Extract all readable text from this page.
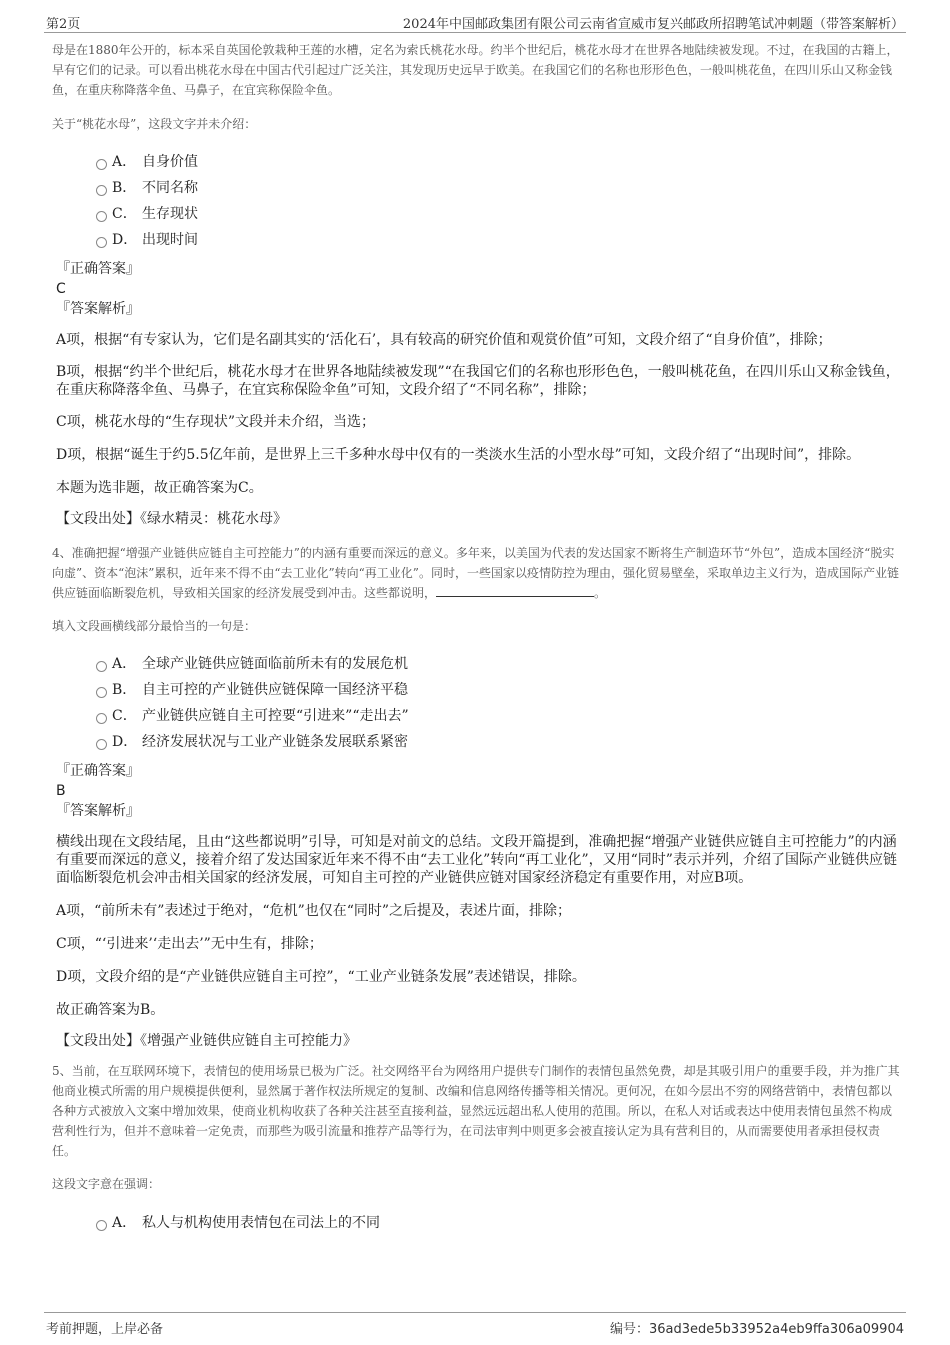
第2页	2024年中国邮政集团有限公司云南省宣威市复兴邮政所招聘笔试冲刺题（带答案解析）

母是在1880年公开的，标本采自英国伦敦栽种王莲的水槽，定名为索氏桃花水母。约半个世纪后，桃花水母才在世界各地陆续被发现。不过，在我国的古籍上，早有它们的记录。可以看出桃花水母在中国古代引起过广泛关注，其发现历史远早于欧美。在我国它们的名称也形形色色，一般叫桃花鱼，在四川乐山又称金钱鱼，在重庆称降落伞鱼、马鼻子，在宜宾称保险伞鱼。

关于“桃花水母”，这段文字并未介绍：

A． 自身价值
B． 不同名称
C． 生存现状
D． 出现时间

『正确答案』

C

『答案解析』

A项，根据“有专家认为，它们是名副其实的‘活化石’，具有较高的研究价值和观赏价值”可知，文段介绍了“自身价值”，排除；

B项，根据“约半个世纪后，桃花水母才在世界各地陆续被发现”“在我国它们的名称也形形色色，一般叫桃花鱼，在四川乐山又称金钱鱼，在重庆称降落伞鱼、马鼻子，在宜宾称保险伞鱼”可知，文段介绍了“不同名称”，排除；

C项，桃花水母的“生存现状”文段并未介绍，当选；

D项，根据“诞生于约5.5亿年前，是世界上三千多种水母中仅有的一类淡水生活的小型水母”可知，文段介绍了“出现时间”，排除。

本题为选非题，故正确答案为C。

【文段出处】《绿水精灵：桃花水母》

4、准确把握“增强产业链供应链自主可控能力”的内涵有重要而深远的意义。多年来，以美国为代表的发达国家不断将生产制造环节“外包”，造成本国经济“脱实向虚”、资本“泡沫”累积，近年来不得不由“去工业化”转向“再工业化”。同时，一些国家以疫情防控为理由，强化贸易壁垒，采取单边主义行为，造成国际产业链供应链面临断裂危机，导致相关国家的经济发展受到冲击。这些都说明，	。

填入文段画横线部分最恰当的一句是：

A． 全球产业链供应链面临前所未有的发展危机
B． 自主可控的产业链供应链保障一国经济平稳
C． 产业链供应链自主可控要“引进来”“走出去”
D． 经济发展状况与工业产业链条发展联系紧密

『正确答案』

B

『答案解析』

横线出现在文段结尾，且由“这些都说明”引导，可知是对前文的总结。文段开篇提到，准确把握“增强产业链供应链自主可控能力”的内涵有重要而深远的意义，接着介绍了发达国家近年来不得不由“去工业化”转向“再工业化”，又用“同时”表示并列，介绍了国际产业链供应链面临断裂危机会冲击相关国家的经济发展，可知自主可控的产业链供应链对国家经济稳定有重要作用，对应B项。

A项，“前所未有”表述过于绝对，“危机”也仅在“同时”之后提及，表述片面，排除；

C项，“‘引进来’‘走出去’”无中生有，排除；

D项，文段介绍的是“产业链供应链自主可控”，“工业产业链条发展”表述错误，排除。

故正确答案为B。

【文段出处】《增强产业链供应链自主可控能力》

5、当前，在互联网环境下，表情包的使用场景已极为广泛。社交网络平台为网络用户提供专门制作的表情包虽然免费，却是其吸引用户的重要手段，并为推广其他商业模式所需的用户规模提供便利，显然属于著作权法所规定的复制、改编和信息网络传播等相关情况。更何况，在如今层出不穷的网络营销中，表情包都以各种方式被放入文案中增加效果，使商业机构收获了各种关注甚至直接利益，显然远远超出私人使用的范围。所以，在私人对话或表达中使用表情包虽然不构成营利性行为，但并不意味着一定免责，而那些为吸引流量和推荐产品等行为，在司法审判中则更多会被直接认定为具有营利目的，从而需要使用者承担侵权责任。

这段文字意在强调：

A． 私人与机构使用表情包在司法上的不同
考前押题，上岸必备	编号：36ad3ede5b33952a4eb9ffa306a09904
